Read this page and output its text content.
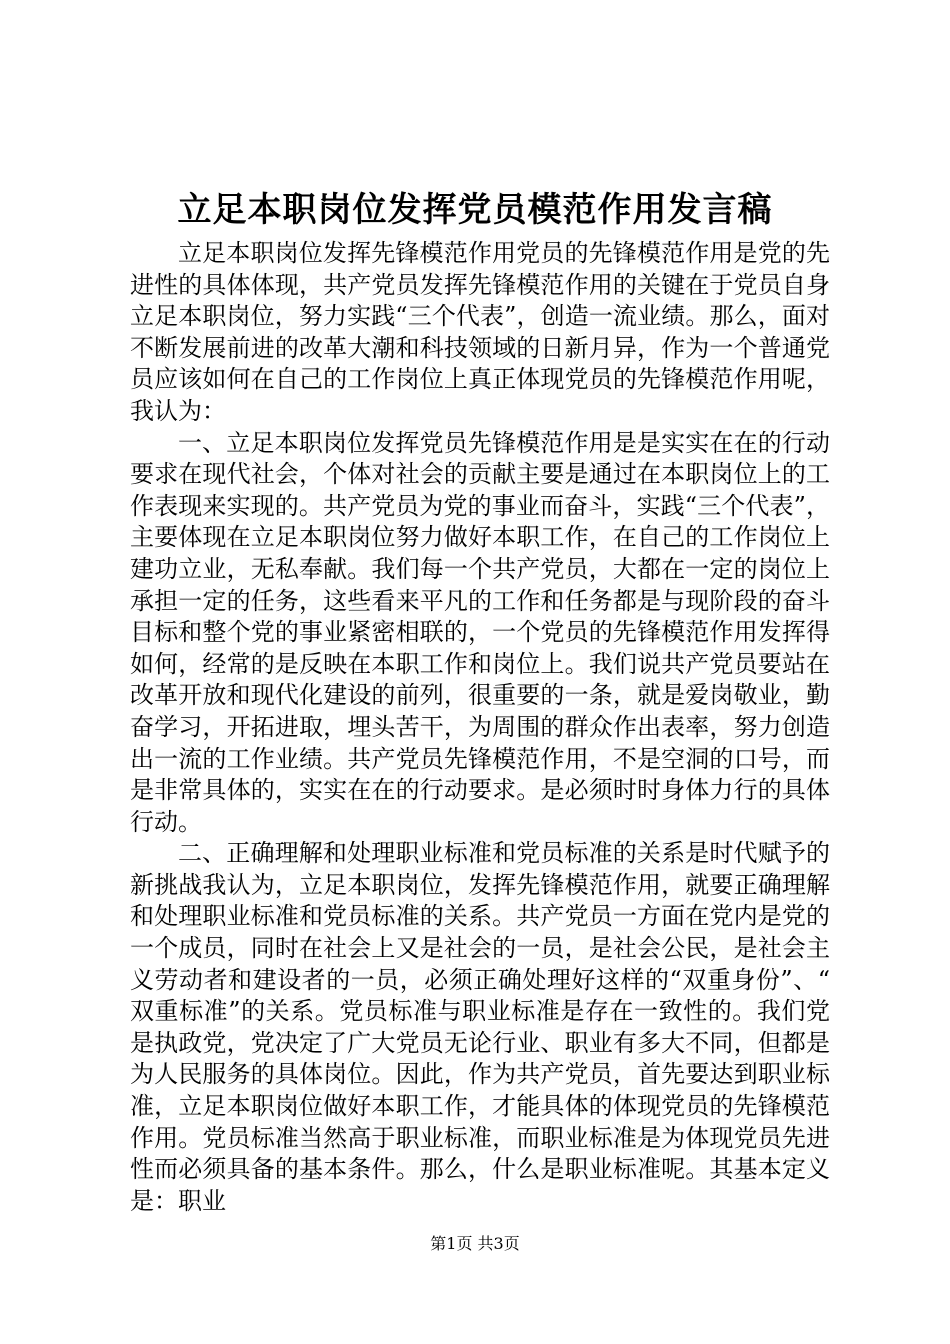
立足本职岗位发挥党员模范作用发言稿

立足本职岗位发挥先锋模范作用党员的先锋模范作用是党的先进性的具体体现，共产党员发挥先锋模范作用的关键在于党员自身立足本职岗位，努力实践“三个代表”，创造一流业绩。那么，面对不断发展前进的改革大潮和科技领域的日新月异，作为一个普通党员应该如何在自己的工作岗位上真正体现党员的先锋模范作用呢，我认为：

一、立足本职岗位发挥党员先锋模范作用是是实实在在的行动要求在现代社会，个体对社会的贡献主要是通过在本职岗位上的工作表现来实现的。共产党员为党的事业而奋斗，实践“三个代表”，主要体现在立足本职岗位努力做好本职工作，在自己的工作岗位上建功立业，无私奉献。我们每一个共产党员，大都在一定的岗位上承担一定的任务，这些看来平凡的工作和任务都是与现阶段的奋斗目标和整个党的事业紧密相联的，一个党员的先锋模范作用发挥得如何，经常的是反映在本职工作和岗位上。我们说共产党员要站在改革开放和现代化建设的前列，很重要的一条，就是爱岗敬业，勤奋学习，开拓进取，埋头苦干，为周围的群众作出表率，努力创造出一流的工作业绩。共产党员先锋模范作用，不是空洞的口号，而是非常具体的，实实在在的行动要求。是必须时时身体力行的具体行动。

二、正确理解和处理职业标准和党员标准的关系是时代赋予的新挑战我认为，立足本职岗位，发挥先锋模范作用，就要正确理解和处理职业标准和党员标准的关系。共产党员一方面在党内是党的一个成员，同时在社会上又是社会的一员，是社会公民，是社会主义劳动者和建设者的一员，必须正确处理好这样的“双重身份”、“双重标准”的关系。党员标准与职业标准是存在一致性的。我们党是执政党，党决定了广大党员无论行业、职业有多大不同，但都是为人民服务的具体岗位。因此，作为共产党员，首先要达到职业标准，立足本职岗位做好本职工作，才能具体的体现党员的先锋模范作用。党员标准当然高于职业标准，而职业标准是为体现党员先进性而必须具备的基本条件。那么，什么是职业标准呢。其基本定义是：职业

第1页 共3页
